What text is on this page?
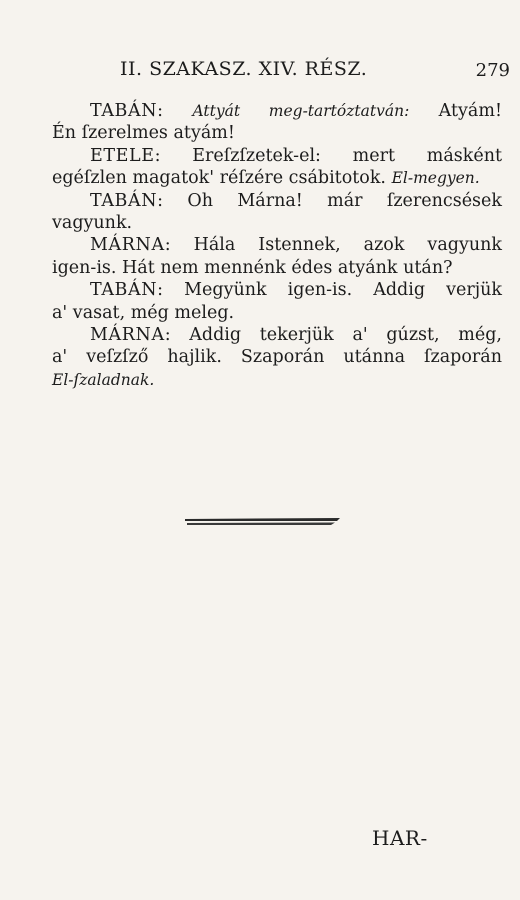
II. SZAKASZ. XIV. RÉSZ.	279
TABÁN: Attyát meg-tartóztatván: Atyám!
Én ſzerelmes atyám!
ETELE: Ereſzſzetek-el: mert másként
egéſzlen magatok' réſzére csábitotok. El-megyen.
TABÁN: Oh Márna! már ſzerencsések
vagyunk.
MÁRNA: Hála Istennek, azok vagyunk
igen-is. Hát nem mennénk édes atyánk után?
TABÁN: Megyünk igen-is. Addig verjük
a' vasat, még meleg.
MÁRNA: Addig tekerjük a' gúzst, még,
a' veſzſző hajlik. Szaporán utánna ſzaporán
El-ſzaladnak.
HAR-
